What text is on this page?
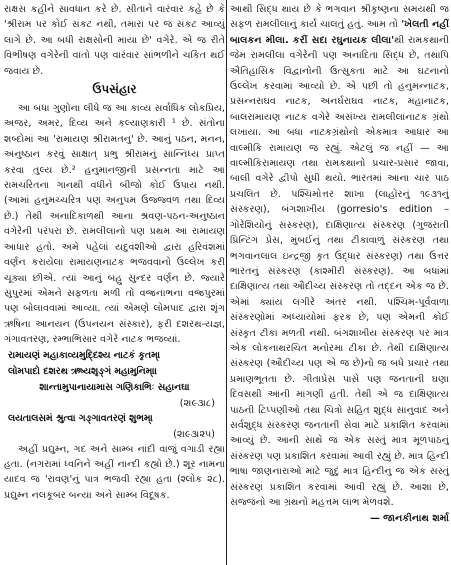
રાક્ષસ કહીને સાવધાન કરે છે. સીતાને વારંવાર કહે છે કે 'શ્રીરામ પર કોઈ સંકટ નથી, તમારા પર જ સંકટ આવ્યું લાગે છે. આ બધી રાક્ષસોની માયા છે' વગેરે. એ જ રીતે વિભીષણ વગેરેની વાતો પણ વારંવાર સાંભળીને ચકિત થઈ જવાય છે.

ઉપસંહાર

આ બધા ગુણોના લીધે જ આ કાવ્ય સર્વાધિક લોકપ્રિય, અજર, અમર, દિવ્ય અને કલ્યાણકારી ¹ છે. સંતોના શબ્દોમાં આ 'રામાયણ શ્રીરામતનુ' છે. આનું પઠન, મનન, અનુષ્ઠાન કરવું સાક્ષાત્ પ્રભુ શ્રીરામનું સાન્નિધ્ય પ્રાપ્ત કરવા તુલ્ય છે.² હનુમાનજીની પ્રસન્નતા માટે આ રામચરિતના ગાનથી વધીને બીજો કોઈ ઉપાય નથી. (આમાં હનુમચ્ચરિત્ર પણ અનુપમ ઉજ્જ્વળ તથા દિવ્ય છે.) તેથી અનાદિકાળથી આના શ્રવણ-પઠન-અનુષ્ઠાન વગેરેની પરંપરા છે. રામલીલાનો પણ પ્રથમ આ રામાયણ આધાર હતો. અમે પહેલાં યદુવંશીઓ દ્વારા હરિવંશમાં વર્ણન કરાયેલા રામાયણનાટક ભજવવાનો ઉલ્લેખ કરી ચૂક્યા છીએ. ત્યાં આનું બહુ સુન્દર વર્ણન છે. જ્યારે સુપુરમાં એમને સફળતા મળી તો વજ્રનાભના વજ્રપુરમાં પણ બોલાવવામાં આવ્યા. ત્યાં એમણે લોમપાદ દ્વારા શૃંગ ઋષિના આનયન (ઉપનયન સંસ્કાર), ફરી દશરથ-યજ્ઞ, ગંગાવતરણ, રમ્ભાભિસાર વગેરે નાટક ભજવ્યાં.

રામાયણં મહાકાવ્યમુદ્દિશ્ય નાટકં કૃતમ્।
લોમપાદો દશરથ ઋષ્યશૃઙ્ગં મહામુનિમ્॥
શાન્તામુપાનાયામાસ ગણિકાભિઃ સહાનઘ।
(૨।૯૩।૮)
લયતાલસમં શ્રુત્વા ગઙ્ગાવતરણં શુભમ્।
(૨।૯૩।૨૫)

અહીં પ્રદ્યુમ્ન, ગદ અને સામ્બ નાંદી વાજું વગાડી રહ્યા હતા. (નગરામાં ધ્વનિને અહીં નાન્દી કહ્યો છે.) શૂર નામના યાદવ જ 'રાવણ'નું પાત્ર ભજવી રહ્યા હતા (શ્લોક ૨૮). પ્રદ્યુમ્ન નલકૂબર બન્યા અને સામ્બ વિદૂષક.

આથી સિદ્ધ થાય છે કે ભગવાન શ્રીકૃષ્ણના સમયથી જ સફળ રામલીલાનું કાર્ય ચાલતું હતું. આમ તો 'ખેલતી નહીં બાલકન મીલા. કરીં સદા રઘુનાયક લીલા'થી રામકથાની જેમ રામલીલા વગેરેની પણ અનાદિતા સિદ્ધ છે, તથાપિ ઐતિહાસિક વિદ્વાનોની ઉત્સુકતા માટે આ ઘટનાનો ઉલ્લેખ કરવામાં આવ્યો છે. એ પછી તો હનુમન્નાટક, પ્રસન્નરાઘવ નાટક, અનર્ઘરાઘવ નાટક, મહાનાટક, બાલરામાયણ નાટક વગેરે અસંખ્ય રામલીલાનાટક ગ્રંથો લખાયા. આ બધા નાટકગ્રંથોનો એકમાત્ર આધાર આ વાલ્મીકિ રામાયણ જ રહ્યું. એટલું જ નહીં — આ વાલ્મીકિરામાયણ તથા રામકથાનો પ્રચાર-પ્રસાર જાવા, બાલી વગેરે દ્વીપો સુધી થયો. ભારતમાં આના ચાર પાઠ પ્રચલિત છે. પશ્ચિમોત્તર શાખા (લાહોરનું ૧૯૩૧નું સંસ્કરણ), બંગશાખીય (gorresio's edition – ગોરેશિયોનું સંસ્કરણ), દાક્ષિણાત્ય સંસ્કરણ (ગુજરાતી પ્રિન્ટિંગ પ્રેસ, મુંબઈનું તથા ટીકાવાળું સંસ્કરણ તથા ભગવાનલાલ ઇન્દ્રજી કૃત ઉદ્ધાર સંસ્કરણ) તથા ઉત્તર ભારતનું સંસ્કરણ (કાશ્મીરી સંસ્કરણ). આ બધાંમાં દાક્ષિણાત્ય તથા ઔદીચ્ય સંસ્કરણ તો તદ્દન એક જ છે. એમાં ક્યાંય લગીરે અંતર નથી. પશ્ચિમ-પૂર્વવાળા સંસ્કરણોમાં અધ્યાયોમાં ફરક છે, પણ એમની કોઈ સંસ્કૃત ટીકા મળતી નથી. બંગશાખીય સંસ્કરણ પર માત્ર એક લોકનાથરચિત મનોરમા ટીકા છે. તેથી દાક્ષિણાત્ય સંસ્કરણ (ઔદીચ્ય પણ એ જ છે)નો જ બધે પ્રચાર તથા પ્રમાણભૂતતા છે. ગીતાપ્રેસ પાસે પણ જનતાની ઘણા દિવસથી આની માગણી હતી. તેથી એ જ દાક્ષિણાત્ય પાઠની ટિપ્પણીઓ તથા ચિત્રો સહિત શુદ્ધ સાનુવાદ અને સર્વશુદ્ધ સંસ્કરણ જનતાની સેવા માટે પ્રકાશિત કરવામાં આવ્યું છે. આની સાથે જ એક સસ્તું માત્ર મૂળપાઠનું સંસ્કરણ પણ પ્રકાશિત કરવામાં આવી રહ્યું છે. માત્ર હિન્દી ભાષા જાણનારાઓ માટે જુદું માત્ર હિન્દીનું જ એક સસ્તું સંસ્કરણ પ્રકાશિત કરવામાં આવી રહ્યું છે. આશા છે, સજ્જનો આ ગ્રંથનો મહત્તમ લાભ મેળવશે.

— જાનકીનાથ શર્મા
